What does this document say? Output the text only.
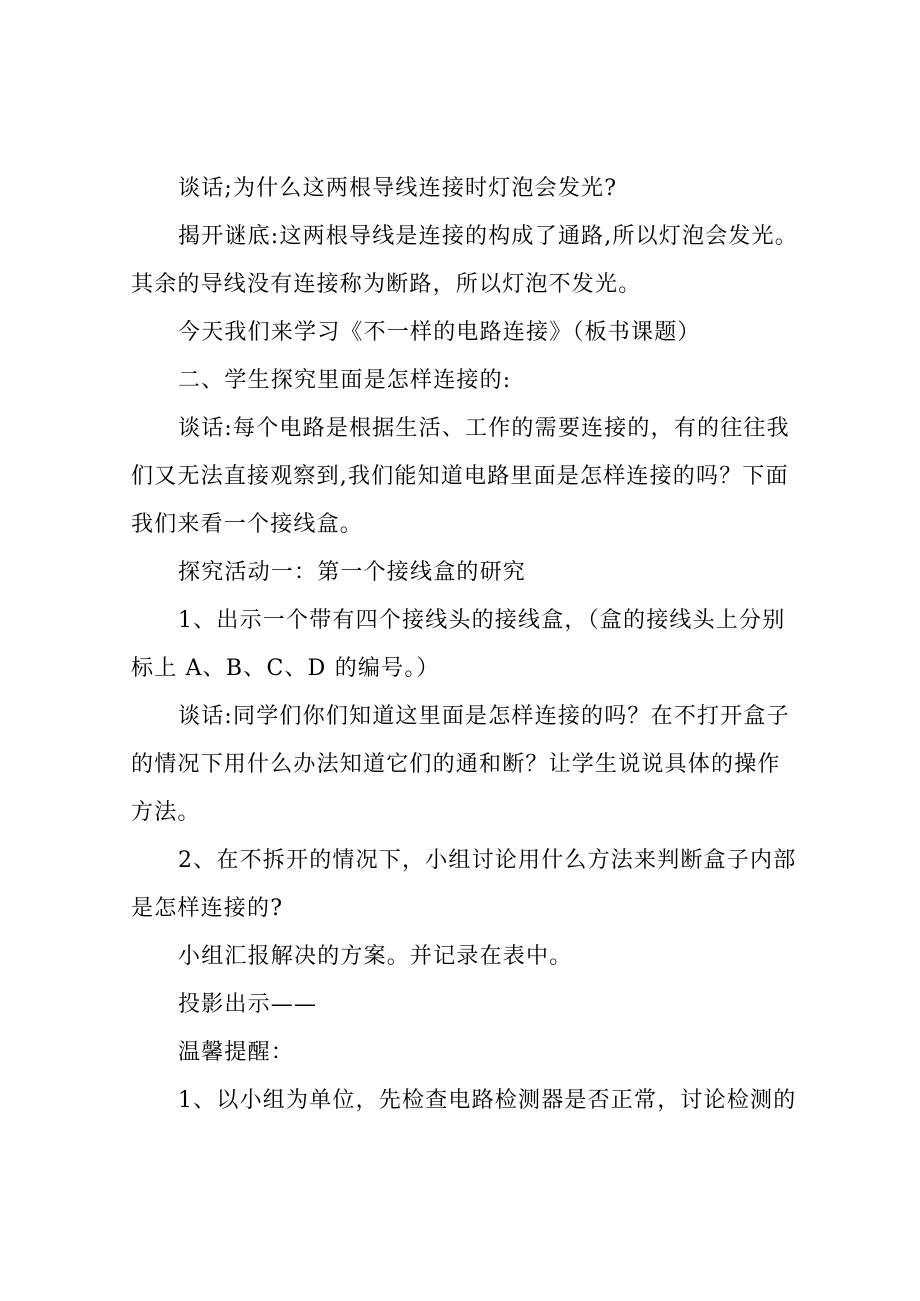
谈话;为什么这两根导线连接时灯泡会发光?
揭开谜底:这两根导线是连接的构成了通路,所以灯泡会发光。
其余的导线没有连接称为断路，所以灯泡不发光。
今天我们来学习《不一样的电路连接》（板书课题）
二、学生探究里面是怎样连接的:
谈话:每个电路是根据生活、工作的需要连接的，有的往往我
们又无法直接观察到,我们能知道电路里面是怎样连接的吗？下面
我们来看一个接线盒。
探究活动一：第一个接线盒的研究
1、出示一个带有四个接线头的接线盒，（盒的接线头上分别
标上 A、B、C、D 的编号。）
谈话:同学们你们知道这里面是怎样连接的吗？在不打开盒子
的情况下用什么办法知道它们的通和断？让学生说说具体的操作
方法。
2、在不拆开的情况下，小组讨论用什么方法来判断盒子内部
是怎样连接的?
小组汇报解决的方案。并记录在表中。
投影出示——
温馨提醒：
1、以小组为单位，先检查电路检测器是否正常，讨论检测的
